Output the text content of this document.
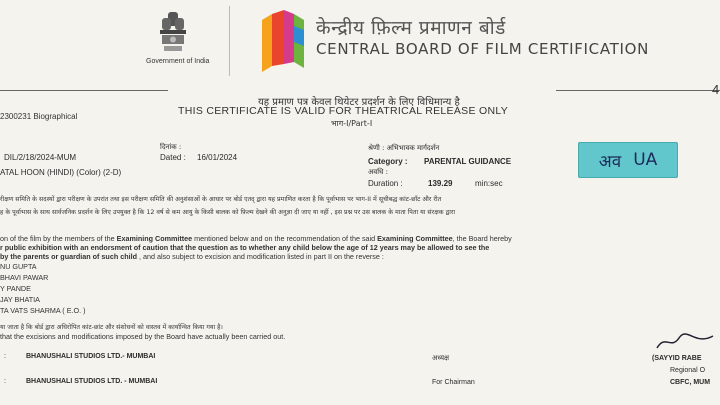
Government of India
केन्द्रीय फ़िल्म प्रमाणन बोर्ड
CENTRAL BOARD OF FILM CERTIFICATION
4
यह प्रमाण पत्र केवल थियेटर प्रदर्शन के लिए विधिमान्य है
THIS CERTIFICATE IS VALID FOR THEATRICAL RELEASE ONLY
भाग-I/Part-I
2300231 Biographical
DIL/2/18/2024-MUM
दिनांक :
Dated : 16/01/2024
श्रेणी : अभिभावक मार्गदर्शन
Category : PARENTAL GUIDANCE
अवधि :
Duration :	139.29	min:sec
अव UA
ATAL HOON (HINDI) (Color) (2-D)
रीक्षण समिति के सदस्यों द्वारा परीक्षण के उपरांत तथा इस परीक्षण समिति की अनुशंसाओं के आधार पर बोर्ड एतद् द्वारा यह प्रमाणित करता है कि पूर्वाभास पर भाग-II में सूचीबद्ध कांट-छाँट और रीत
ह के पूर्वाभास के साथ सार्वजनिक प्रदर्शन के लिए उपयुक्त है कि 12 वर्ष से कम आयु के किसी बालक को फ़िल्म देखने की अनुज्ञा दी जाए या नहीं , इस प्रश्न पर उस बालक के माता पिता या संरक्षक द्वारा
on of the film by the members of the Examining Committee mentioned below and on the recommendation of the said Examining Committee, the Board hereby
r public exhibition with an endorsment of caution that the question as to whether any child below the age of 12 years may be allowed to see the
by the parents or guardian of such child , and also subject to excision and modification listed in part II on the reverse :
NU GUPTA
BHAVI PAWAR
Y PANDE
JAY BHATIA
TA VATS SHARMA ( E.O. )
या जाता है कि बोर्ड द्वारा अधिरोपित कांट-छांट और संशोधनों को वास्तव में कार्यान्वित किया गया है।
that the excisions and modifications imposed by the Board have actually been carried out.
:	BHANUSHALI STUDIOS LTD.- MUMBAI
:	BHANUSHALI STUDIOS LTD. - MUMBAI
अध्यक्ष
For Chairman
(SAYYID RABE
Regional O
CBFC, MUM
